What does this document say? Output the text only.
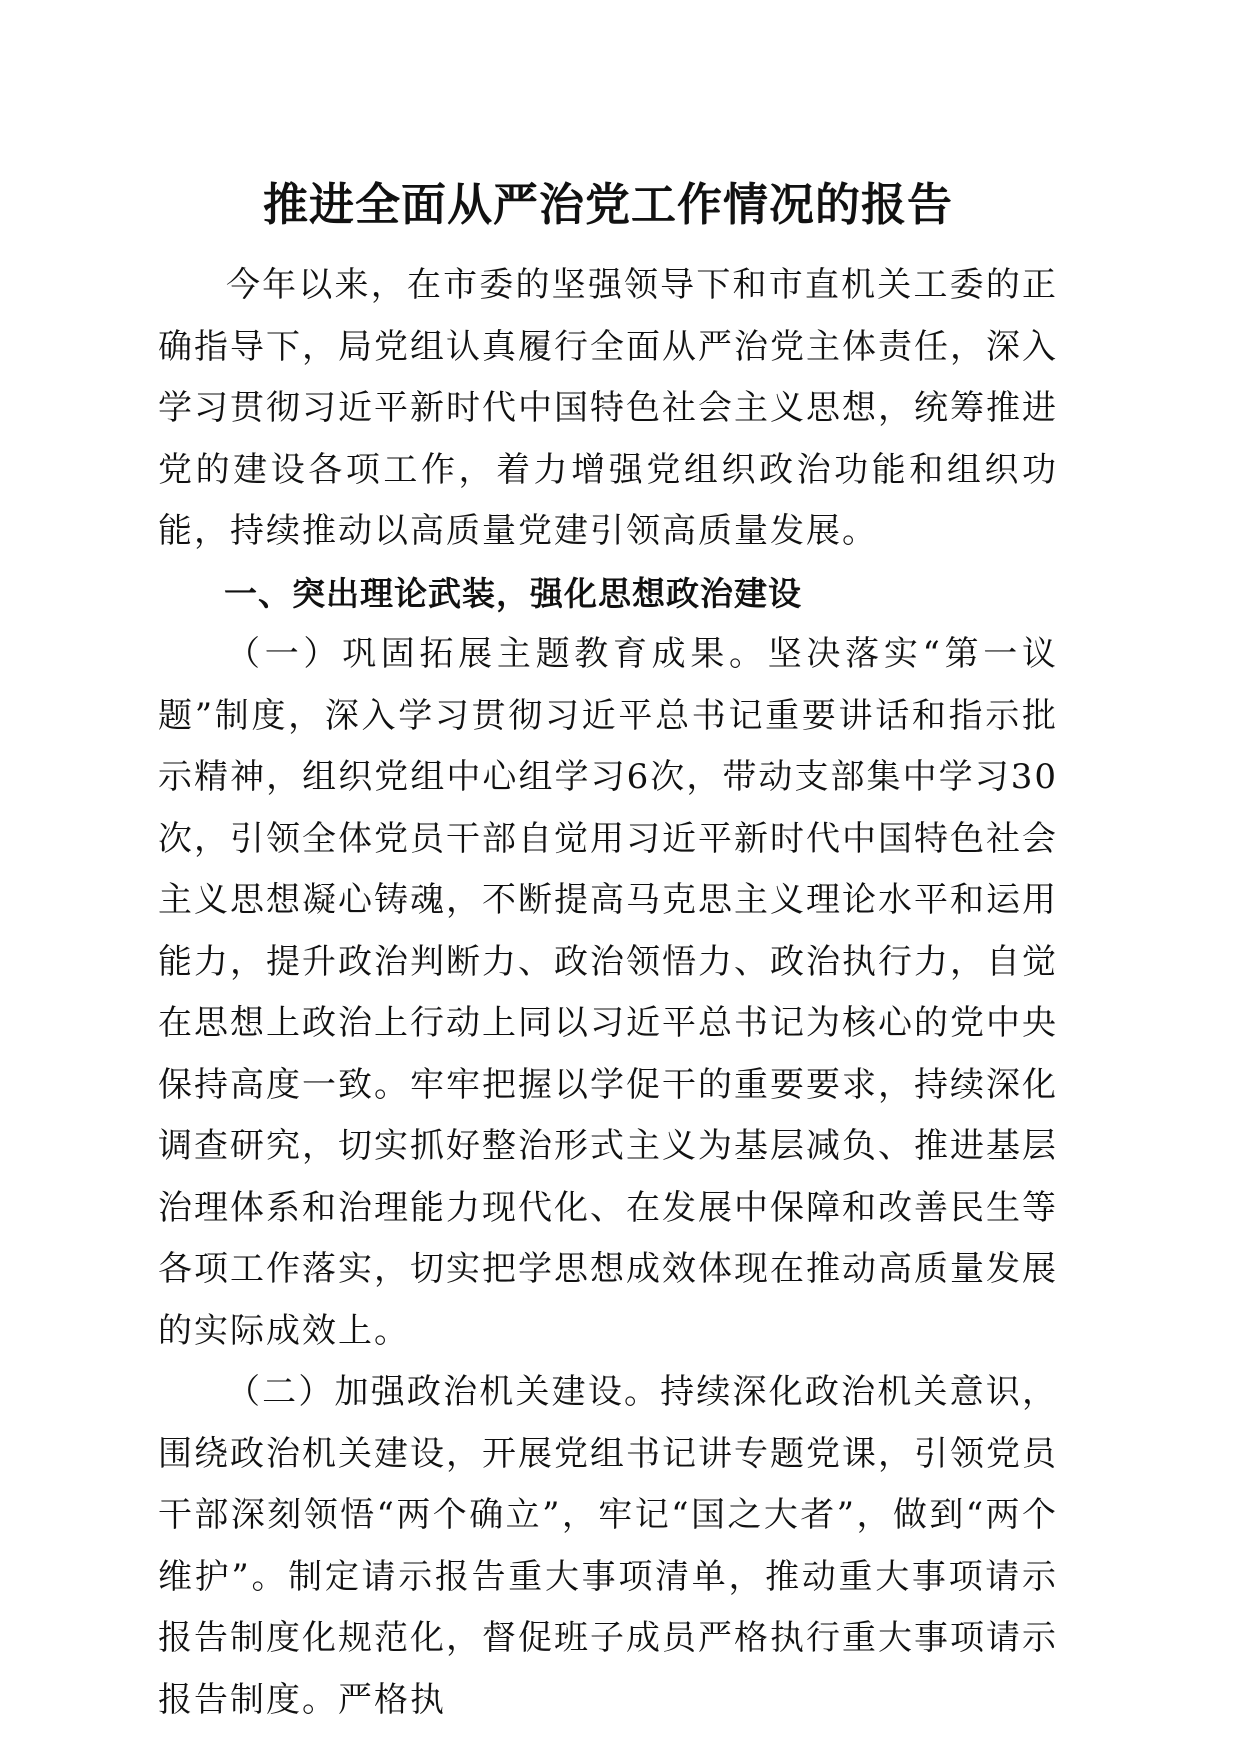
推进全面从严治党工作情况的报告

今年以来，在市委的坚强领导下和市直机关工委的正确指导下，局党组认真履行全面从严治党主体责任，深入学习贯彻习近平新时代中国特色社会主义思想，统筹推进党的建设各项工作，着力增强党组织政治功能和组织功能，持续推动以高质量党建引领高质量发展。

一、突出理论武装，强化思想政治建设

（一）巩固拓展主题教育成果。坚决落实“第一议题”制度，深入学习贯彻习近平总书记重要讲话和指示批示精神，组织党组中心组学习6次，带动支部集中学习30次，引领全体党员干部自觉用习近平新时代中国特色社会主义思想凝心铸魂，不断提高马克思主义理论水平和运用能力，提升政治判断力、政治领悟力、政治执行力，自觉在思想上政治上行动上同以习近平总书记为核心的党中央保持高度一致。牢牢把握以学促干的重要要求，持续深化调查研究，切实抓好整治形式主义为基层减负、推进基层治理体系和治理能力现代化、在发展中保障和改善民生等各项工作落实，切实把学思想成效体现在推动高质量发展的实际成效上。

（二）加强政治机关建设。持续深化政治机关意识，围绕政治机关建设，开展党组书记讲专题党课，引领党员干部深刻领悟“两个确立”，牢记“国之大者”，做到“两个维护”。制定请示报告重大事项清单，推动重大事项请示报告制度化规范化，督促班子成员严格执行重大事项请示报告制度。严格执
